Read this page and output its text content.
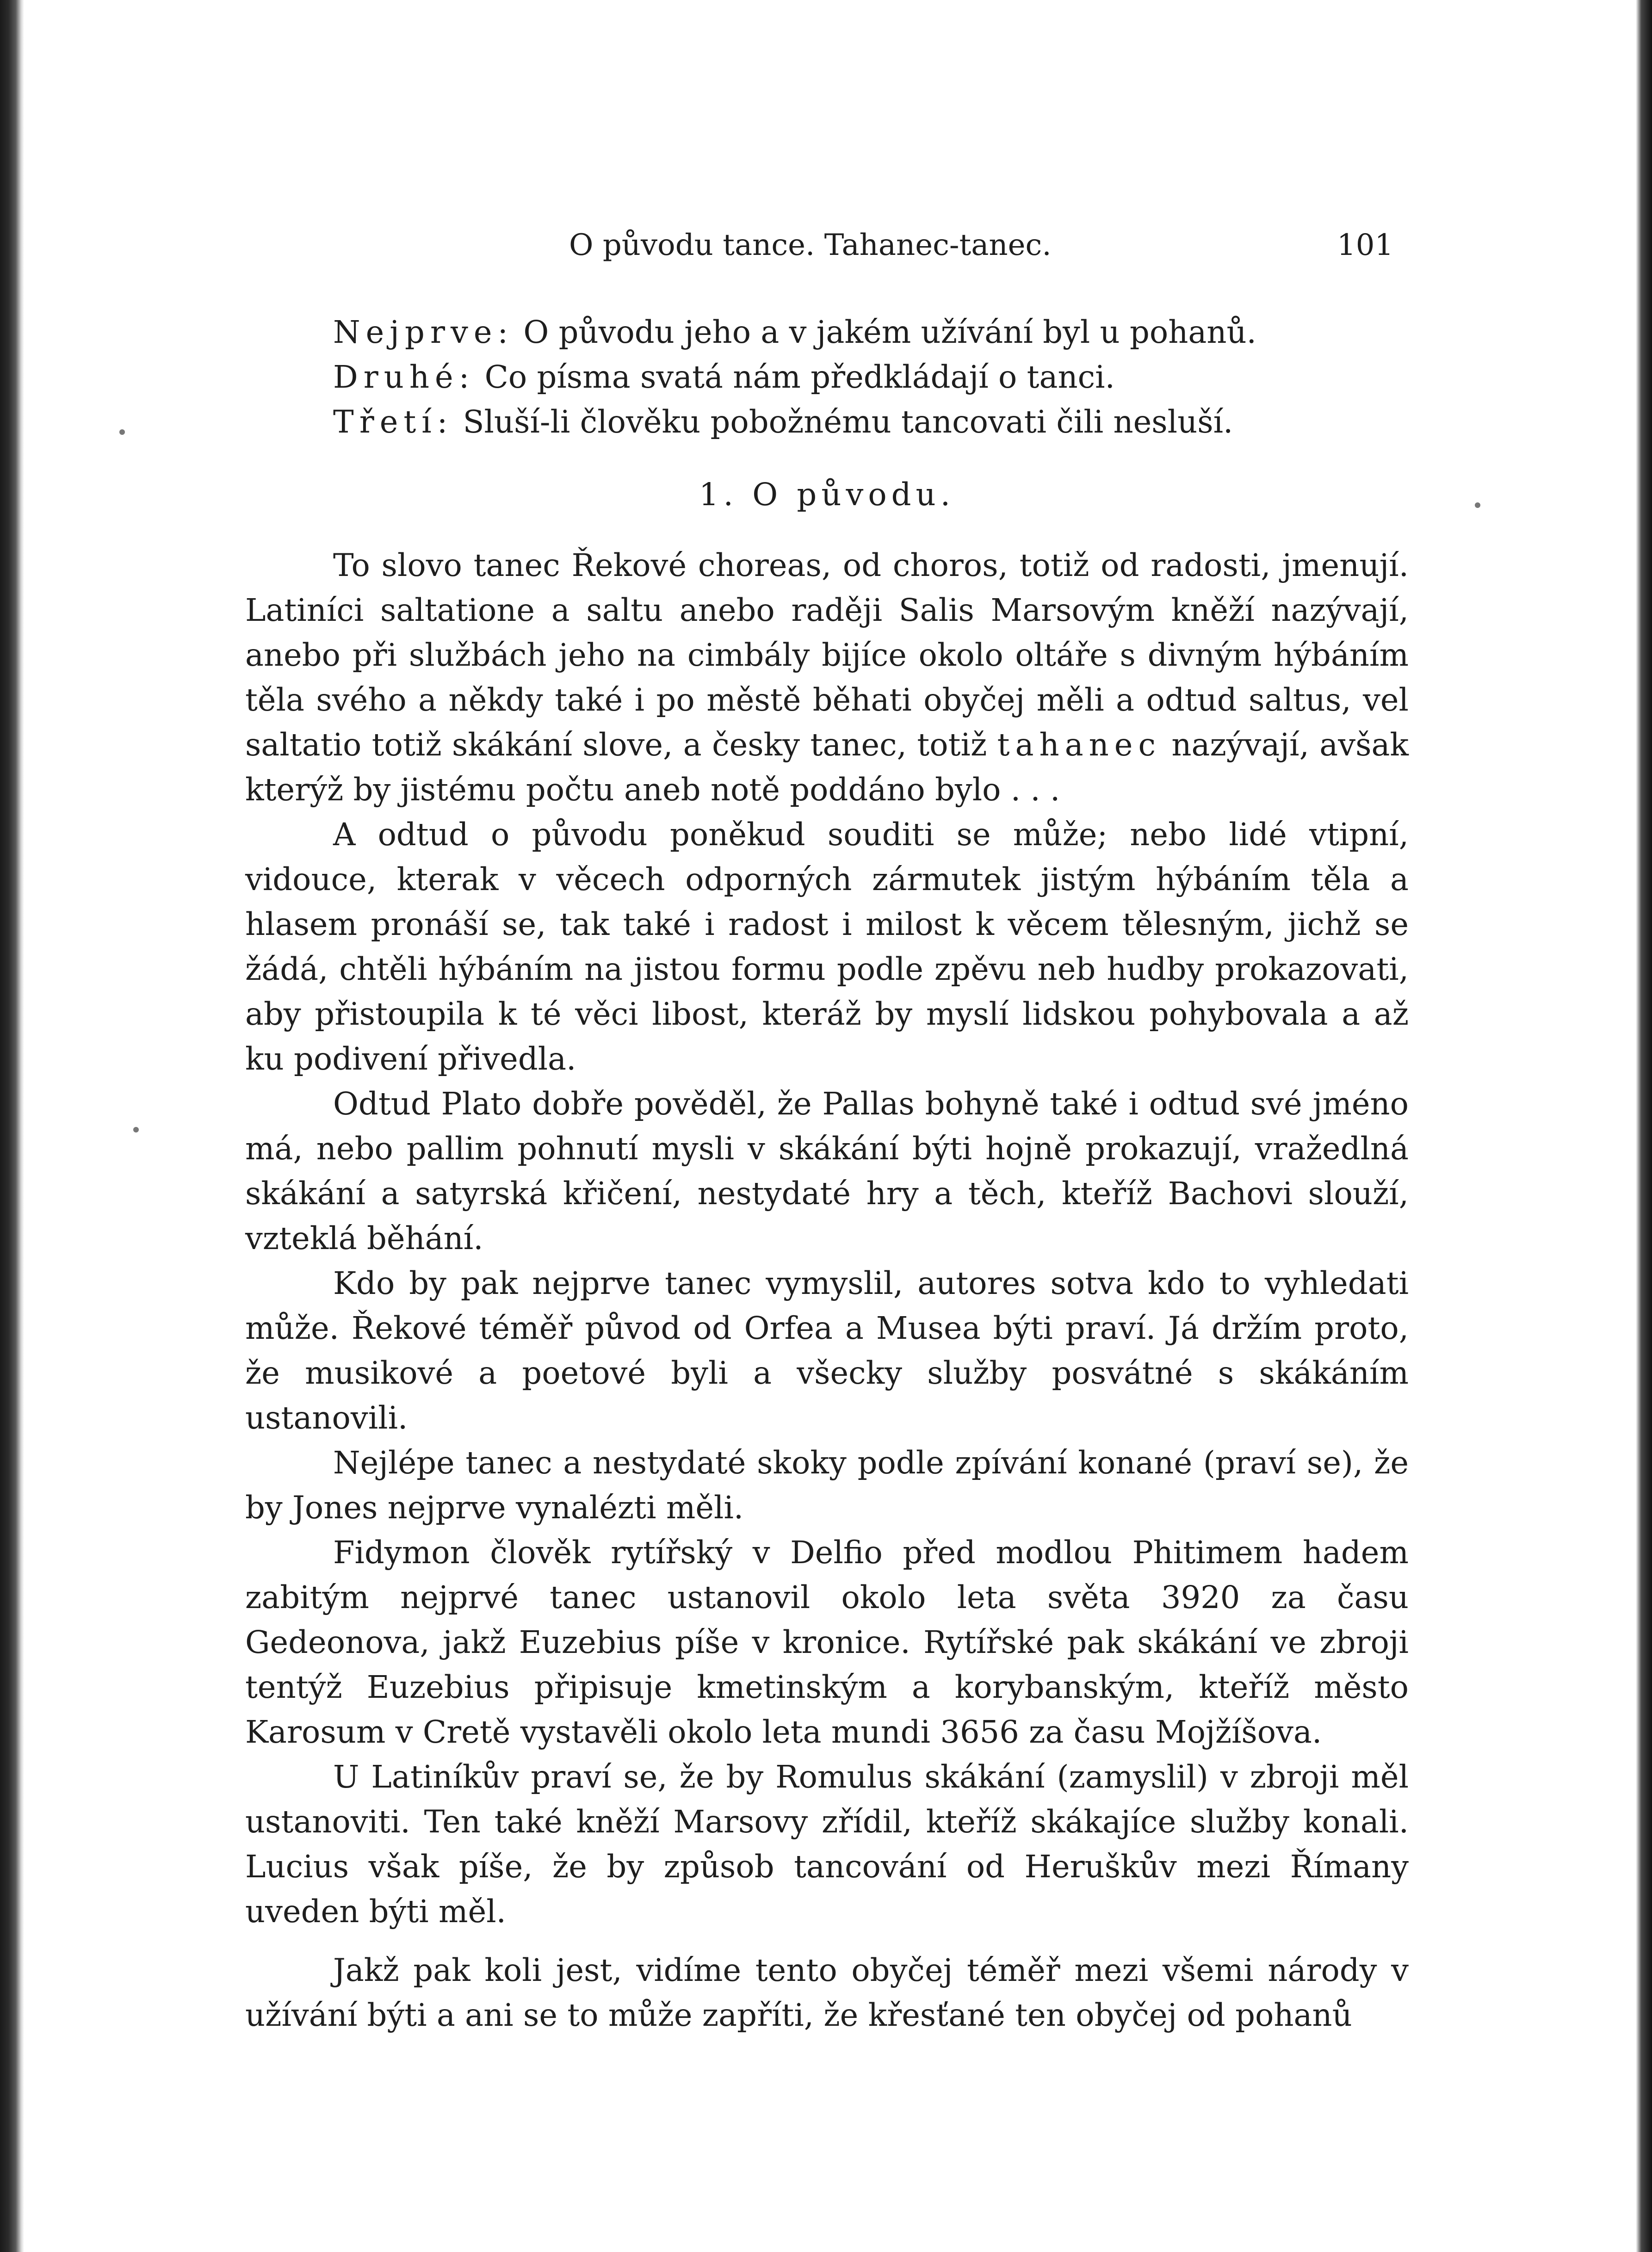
O původu tance. Tahanec-tanec.	101

Nejprve: O původu jeho a v jakém užívání byl u pohanů.

Druhé: Co písma svatá nám předkládají o tanci.

Třetí: Sluší-li člověku pobožnému tancovati čili nesluší.

1. O původu.

To slovo tanec Řekové choreas, od choros, totiž od radosti, jmenují. Latiníci saltatione a saltu anebo raději Salis Marsovým kněží nazývají, anebo při službách jeho na cimbály bijíce okolo oltáře s divným hýbáním těla svého a někdy také i po městě běhati obyčej měli a odtud saltus, vel saltatio totiž skákání slove, a česky tanec, totiž tahanec nazývají, avšak kterýž by jistému počtu aneb notě poddáno bylo . . .

A odtud o původu poněkud souditi se může; nebo lidé vtipní, vidouce, kterak v věcech odporných zármutek jistým hýbáním těla a hlasem pronáší se, tak také i radost i milost k věcem tělesným, jichž se žádá, chtěli hýbáním na jistou formu podle zpěvu neb hudby prokazovati, aby přistoupila k té věci libost, kteráž by myslí lidskou pohybovala a až ku podivení přivedla.

Odtud Plato dobře pověděl, že Pallas bohyně také i odtud své jméno má, nebo pallim pohnutí mysli v skákání býti hojně prokazují, vražedlná skákání a satyrská křičení, nestydaté hry a těch, kteříž Bachovi slouží, vzteklá běhání.

Kdo by pak nejprve tanec vymyslil, autores sotva kdo to vyhledati může. Řekové téměř původ od Orfea a Musea býti praví. Já držím proto, že musikové a poetové byli a všecky služby posvátné s skákáním ustanovili.

Nejlépe tanec a nestydaté skoky podle zpívání konané (praví se), že by Jones nejprve vynalézti měli.

Fidymon člověk rytířský v Delfio před modlou Phitimem hadem zabitým nejprvé tanec ustanovil okolo leta světa 3920 za času Gedeonova, jakž Euzebius píše v kronice. Rytířské pak skákání ve zbroji tentýž Euzebius připisuje kmetinským a korybanským, kteříž město Karosum v Cretě vystavěli okolo leta mundi 3656 za času Mojžíšova.

U Latiníkův praví se, že by Romulus skákání (zamyslil) v zbroji měl ustanoviti. Ten také kněží Marsovy zřídil, kteříž skákajíce služby konali. Lucius však píše, že by způsob tancování od Heruškův mezi Římany uveden býti měl.

Jakž pak koli jest, vidíme tento obyčej téměř mezi všemi národy v užívání býti a ani se to může zapříti, že křesťané ten obyčej od pohanů
